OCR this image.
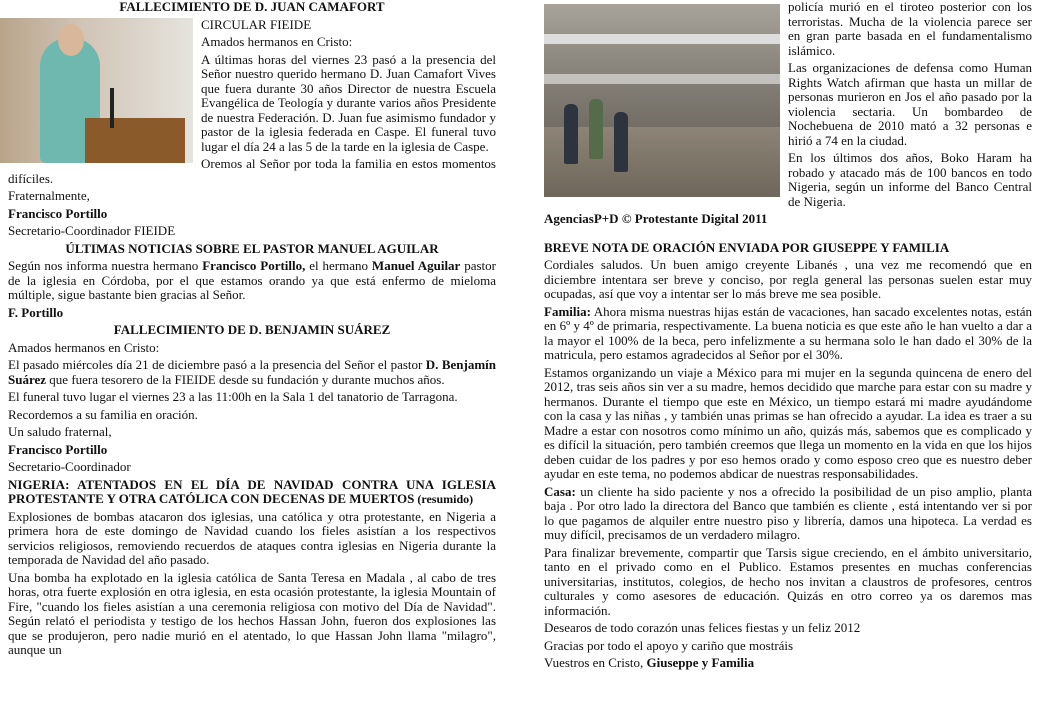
FALLECIMIENTO DE D. JUAN CAMAFORT

CIRCULAR FIEIDE

Amados hermanos en Cristo:

A últimas horas del viernes 23 pasó a la presencia del Señor nuestro querido hermano D. Juan Camafort Vives que fuera durante 30 años Director de nuestra Escuela Evangélica de Teología y durante varios años Presidente de nuestra Federación. D. Juan fue asimismo fundador y pastor de la iglesia federada en Caspe. El funeral tuvo lugar el día 24 a las 5 de la tarde en la iglesia de Caspe.

Oremos al Señor por toda la familia en estos momentos difíciles.

Fraternalmente,

Francisco Portillo

Secretario-Coordinador FIEIDE

ÚLTIMAS NOTICIAS SOBRE EL PASTOR MANUEL AGUILAR

Según nos informa nuestra hermano Francisco Portillo, el hermano Manuel Aguilar pastor de la iglesia en Córdoba, por el que estamos orando ya que está enfermo de mieloma múltiple, sigue bastante bien gracias al Señor.

F. Portillo

FALLECIMIENTO DE D. BENJAMIN SUÁREZ

Amados hermanos en Cristo:

El pasado miércoles día 21 de diciembre pasó a la presencia del Señor el pastor D. Benjamín Suárez que fuera tesorero de la FIEIDE desde su fundación y durante muchos años.

El funeral tuvo lugar el viernes 23 a las 11:00h en la Sala 1 del tanatorio de Tarragona.

Recordemos a su familia en oración.

Un saludo fraternal,

Francisco Portillo

Secretario-Coordinador

NIGERIA: ATENTADOS EN EL DÍA DE NAVIDAD CONTRA UNA IGLESIA PROTESTANTE Y OTRA CATÓLICA CON DECENAS DE MUERTOS (resumido)

Explosiones de bombas atacaron dos iglesias, una católica y otra protestante, en Nigeria a primera hora de este domingo de Navidad cuando los fieles asistían a los respectivos servicios religiosos, removiendo recuerdos de ataques contra iglesias en Nigeria durante la temporada de Navidad del año pasado.

Una bomba ha explotado en la iglesia católica de Santa Teresa en Madala , al cabo de tres horas, otra fuerte explosión en otra iglesia, en esta ocasión protestante, la iglesia Mountain of Fire, "cuando los fieles asistían a una ceremonia religiosa con motivo del Día de Navidad". Según relató el periodista y testigo de los hechos Hassan John, fueron dos explosiones las que se produjeron, pero nadie murió en el atentado, lo que Hassan John llama "milagro", aunque un

policía murió en el tiroteo posterior con los terroristas. Mucha de la violencia parece ser en gran parte basada en el fundamentalismo islámico.

Las organizaciones de defensa como Human Rights Watch afirman que hasta un millar de personas murieron en Jos el año pasado por la violencia sectaria. Un bombardeo de Nochebuena de 2010 mató a 32 personas e hirió a 74 en la ciudad.

En los últimos dos años, Boko Haram ha robado y atacado más de 100 bancos en todo Nigeria, según un informe del Banco Central de Nigeria.

AgenciasP+D © Protestante Digital 2011

BREVE NOTA DE ORACIÓN ENVIADA POR GIUSEPPE Y FAMILIA

Cordiales saludos. Un buen amigo creyente Libanés , una vez me recomendó que en diciembre intentara ser breve y conciso, por regla general las personas suelen estar muy ocupadas, así que voy a intentar ser lo más breve me sea posible.

Familia: Ahora misma nuestras hijas están de vacaciones, han sacado excelentes notas, están en 6º y 4º de primaria, respectivamente. La buena noticia es que este año le han vuelto a dar a la mayor el 100% de la beca, pero infelizmente a su hermana solo le han dado el 30% de la matricula, pero estamos agradecidos al Señor por el 30%.

Estamos organizando un viaje a México para mi mujer en la segunda quincena de enero del 2012, tras seis años sin ver a su madre, hemos decidido que marche para estar con su madre y hermanos. Durante el tiempo que este en México, un tiempo estará mi madre ayudándome con la casa y las niñas , y también unas primas se han ofrecido a ayudar. La idea es traer a su Madre a estar con nosotros como mínimo un año, quizás más, sabemos que es complicado y es difícil la situación, pero también creemos que llega un momento en la vida en que los hijos deben cuidar de los padres y por eso hemos orado y como esposo creo que es nuestro deber ayudar en este tema, no podemos abdicar de nuestras responsabilidades.

Casa: un cliente ha sido paciente y nos a ofrecido la posibilidad de un piso amplio, planta baja . Por otro lado la directora del Banco que también es cliente , está intentando ver si por lo que pagamos de alquiler entre nuestro piso y librería, damos una hipoteca. La verdad es muy difícil, precisamos de un verdadero milagro.

Para finalizar brevemente, compartir que Tarsis sigue creciendo, en el ámbito universitario, tanto en el privado como en el Publico. Estamos presentes en muchas conferencias universitarias, institutos, colegios, de hecho nos invitan a claustros de profesores, centros culturales y como asesores de educación. Quizás en otro correo ya os daremos mas información.

Desearos de todo corazón unas felices fiestas y un feliz 2012

Gracias por todo el apoyo y cariño que mostráis

Vuestros en Cristo, Giuseppe y Familia
